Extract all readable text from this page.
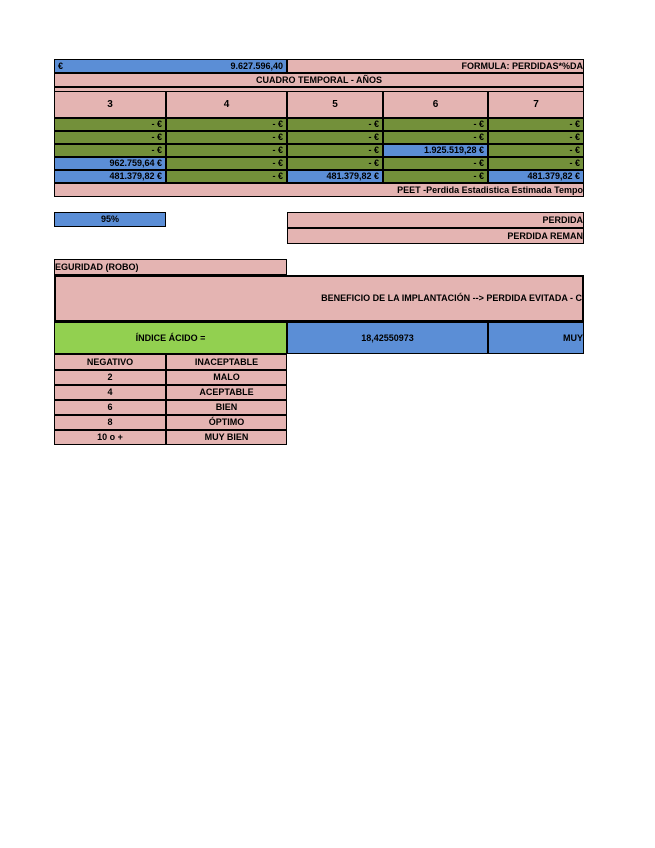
€	9.627.596,40	FORMULA: PERDIDAS*%DA
CUADRO TEMPORAL - AÑOS
3	4	5	6	7
- €	- €	- €	- €	- €
- €	- €	- €	- €	- €
- €	- €	- €	1.925.519,28 €	- €
962.759,64 €	- €	- €	- €	- €
481.379,82 €	- €	481.379,82 €	- €	481.379,82 €
PEET -Perdida Estadistica Estimada Tempo
95%	PERDIDA
PERDIDA REMAN
EGURIDAD (ROBO)
BENEFICIO DE LA IMPLANTACIÓN --> PERDIDA EVITADA - C
ÍNDICE ÁCIDO =	18,42550973	MUY
NEGATIVO	INACEPTABLE
2	MALO
4	ACEPTABLE
6	BIEN
8	ÓPTIMO
10 o +	MUY BIEN
